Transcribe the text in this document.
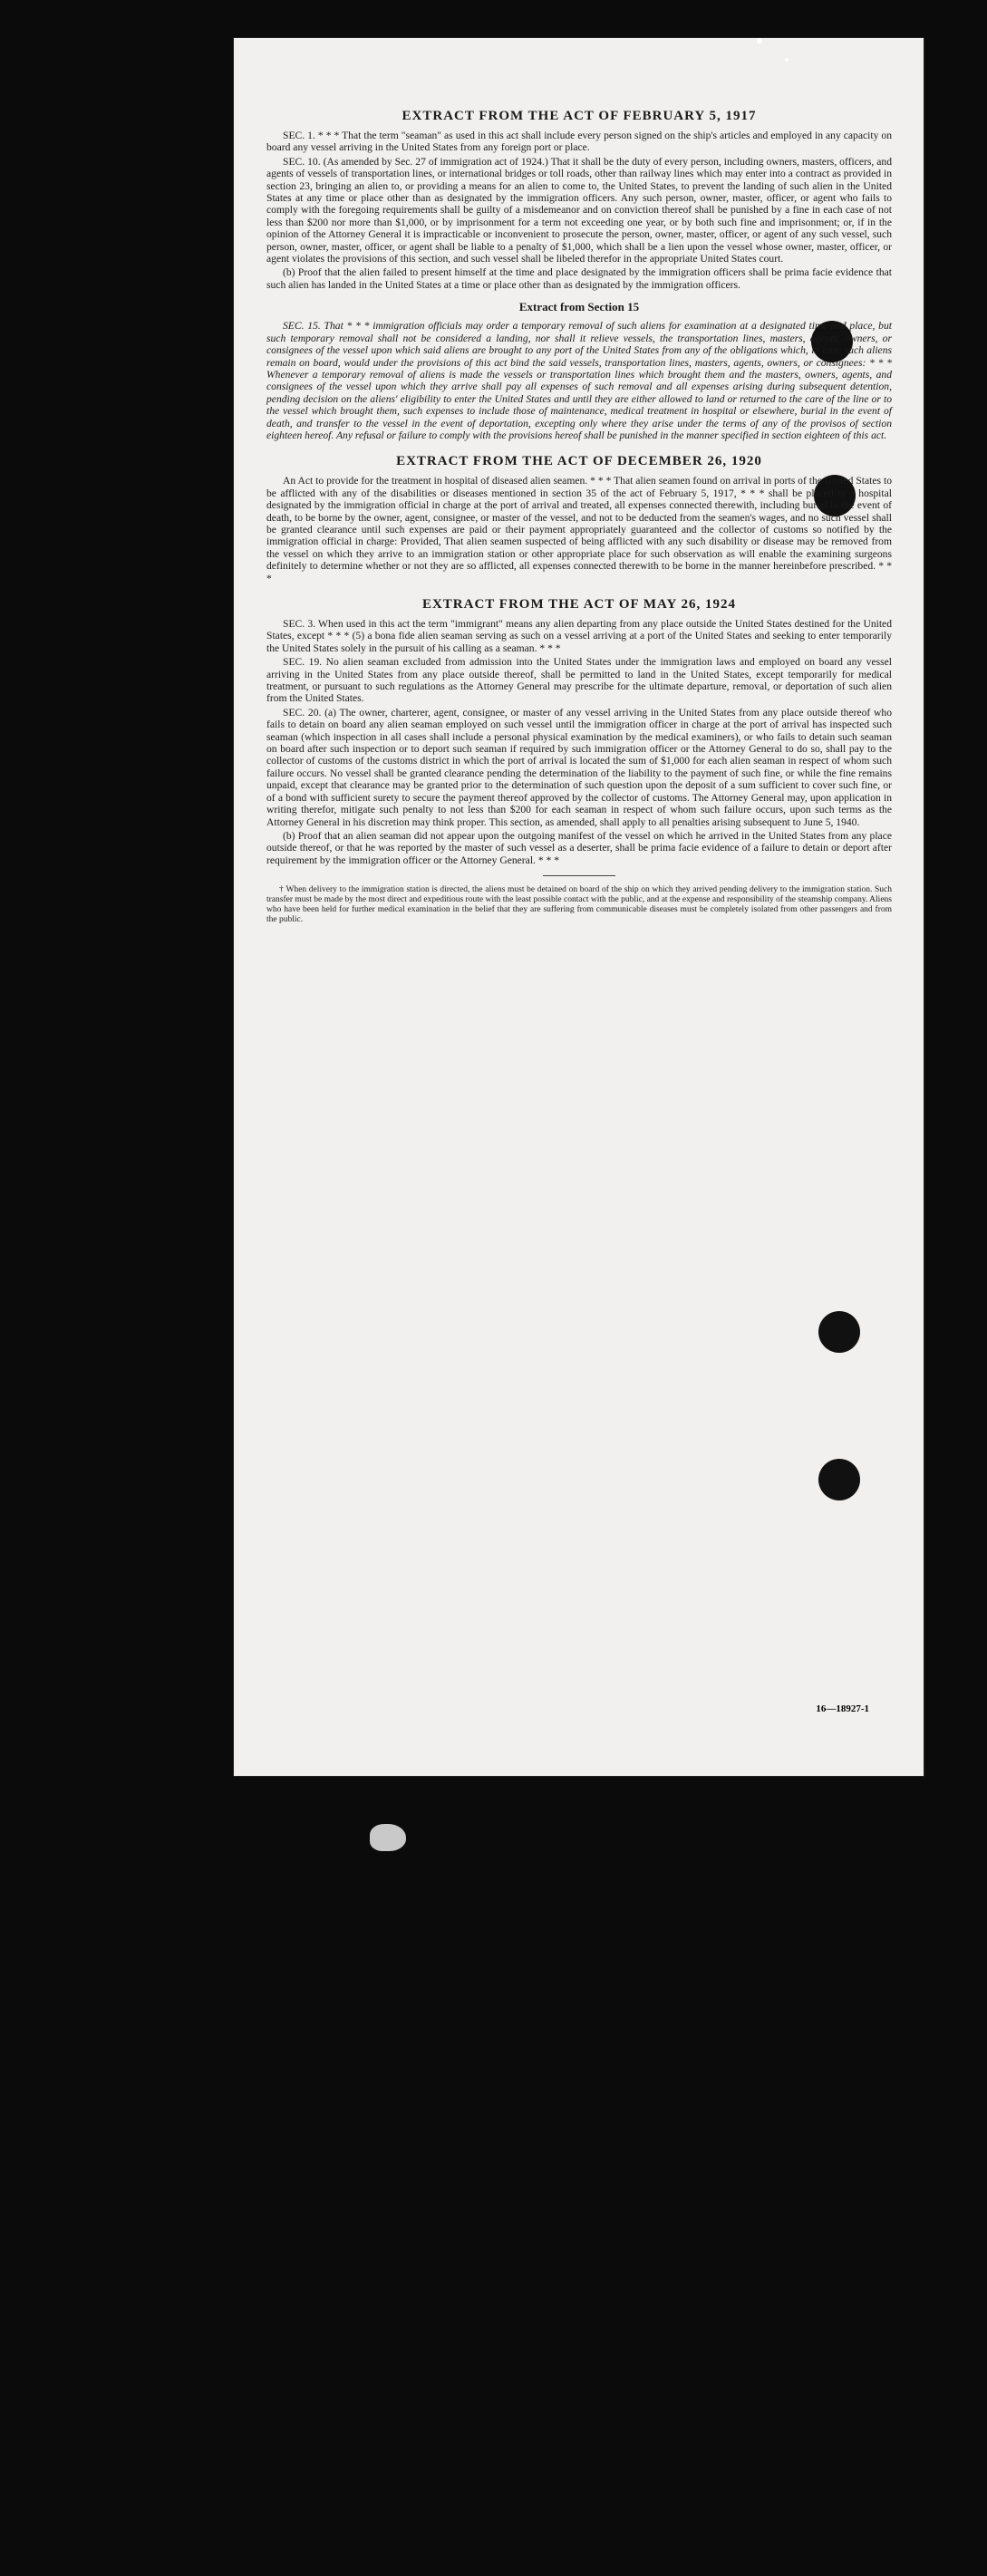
EXTRACT FROM THE ACT OF FEBRUARY 5, 1917

SEC. 1. * * * That the term "seaman" as used in this act shall include every person signed on the ship's articles and employed in any capacity on board any vessel arriving in the United States from any foreign port or place.

SEC. 10. (As amended by Sec. 27 of immigration act of 1924.) That it shall be the duty of every person, including owners, masters, officers, and agents of vessels of transportation lines, or international bridges or toll roads, other than railway lines which may enter into a contract as provided in section 23, bringing an alien to, or providing a means for an alien to come to, the United States, to prevent the landing of such alien in the United States at any time or place other than as designated by the immigration officers. Any such person, owner, master, officer, or agent who fails to comply with the foregoing requirements shall be guilty of a misdemeanor and on conviction thereof shall be punished by a fine in each case of not less than $200 nor more than $1,000, or by imprisonment for a term not exceeding one year, or by both such fine and imprisonment; or, if in the opinion of the Attorney General it is impracticable or inconvenient to prosecute the person, owner, master, officer, or agent of any such vessel, such person, owner, master, officer, or agent shall be liable to a penalty of $1,000, which shall be a lien upon the vessel whose owner, master, officer, or agent violates the provisions of this section, and such vessel shall be libeled therefor in the appropriate United States court.

(b) Proof that the alien failed to present himself at the time and place designated by the immigration officers shall be prima facie evidence that such alien has landed in the United States at a time or place other than as designated by the immigration officers.

Extract from Section 15

SEC. 15. That * * * immigration officials may order a temporary removal of such aliens for examination at a designated time and place, but such temporary removal shall not be considered a landing, nor shall it relieve vessels, the transportation lines, masters, agents, owners, or consignees of the vessel upon which said aliens are brought to any port of the United States from any of the obligations which, in case such aliens remain on board, would under the provisions of this act bind the said vessels, transportation lines, masters, agents, owners, or consignees: * * * Whenever a temporary removal of aliens is made the vessels or transportation lines which brought them and the masters, owners, agents, and consignees of the vessel upon which they arrive shall pay all expenses of such removal and all expenses arising during subsequent detention, pending decision on the aliens' eligibility to enter the United States and until they are either allowed to land or returned to the care of the line or to the vessel which brought them, such expenses to include those of maintenance, medical treatment in hospital or elsewhere, burial in the event of death, and transfer to the vessel in the event of deportation, excepting only where they arise under the terms of any of the provisos of section eighteen hereof. Any refusal or failure to comply with the provisions hereof shall be punished in the manner specified in section eighteen of this act.

EXTRACT FROM THE ACT OF DECEMBER 26, 1920

An Act to provide for the treatment in hospital of diseased alien seamen. * * * That alien seamen found on arrival in ports of the United States to be afflicted with any of the disabilities or diseases mentioned in section 35 of the act of February 5, 1917, * * * shall be placed in a hospital designated by the immigration official in charge at the port of arrival and treated, all expenses connected therewith, including burial in the event of death, to be borne by the owner, agent, consignee, or master of the vessel, and not to be deducted from the seamen's wages, and no such vessel shall be granted clearance until such expenses are paid or their payment appropriately guaranteed and the collector of customs so notified by the immigration official in charge: Provided, That alien seamen suspected of being afflicted with any such disability or disease may be removed from the vessel on which they arrive to an immigration station or other appropriate place for such observation as will enable the examining surgeons definitely to determine whether or not they are so afflicted, all expenses connected therewith to be borne in the manner hereinbefore prescribed. * * *

EXTRACT FROM THE ACT OF MAY 26, 1924

SEC. 3. When used in this act the term "immigrant" means any alien departing from any place outside the United States destined for the United States, except * * * (5) a bona fide alien seaman serving as such on a vessel arriving at a port of the United States and seeking to enter temporarily the United States solely in the pursuit of his calling as a seaman. * * *

SEC. 19. No alien seaman excluded from admission into the United States under the immigration laws and employed on board any vessel arriving in the United States from any place outside thereof, shall be permitted to land in the United States, except temporarily for medical treatment, or pursuant to such regulations as the Attorney General may prescribe for the ultimate departure, removal, or deportation of such alien from the United States.

SEC. 20. (a) The owner, charterer, agent, consignee, or master of any vessel arriving in the United States from any place outside thereof who fails to detain on board any alien seaman employed on such vessel until the immigration officer in charge at the port of arrival has inspected such seaman (which inspection in all cases shall include a personal physical examination by the medical examiners), or who fails to detain such seaman on board after such inspection or to deport such seaman if required by such immigration officer or the Attorney General to do so, shall pay to the collector of customs of the customs district in which the port of arrival is located the sum of $1,000 for each alien seaman in respect of whom such failure occurs. No vessel shall be granted clearance pending the determination of the liability to the payment of such fine, or while the fine remains unpaid, except that clearance may be granted prior to the determination of such question upon the deposit of a sum sufficient to cover such fine, or of a bond with sufficient surety to secure the payment thereof approved by the collector of customs. The Attorney General may, upon application in writing therefor, mitigate such penalty to not less than $200 for each seaman in respect of whom such failure occurs, upon such terms as the Attorney General in his discretion may think proper. This section, as amended, shall apply to all penalties arising subsequent to June 5, 1940.

(b) Proof that an alien seaman did not appear upon the outgoing manifest of the vessel on which he arrived in the United States from any place outside thereof, or that he was reported by the master of such vessel as a deserter, shall be prima facie evidence of a failure to detain or deport after requirement by the immigration officer or the Attorney General. * * *

† When delivery to the immigration station is directed, the aliens must be detained on board of the ship on which they arrived pending delivery to the immigration station. Such transfer must be made by the most direct and expeditious route with the least possible contact with the public, and at the expense and responsibility of the steamship company. Aliens who have been held for further medical examination in the belief that they are suffering from communicable diseases must be completely isolated from other passengers and from the public.

16—18927-1
